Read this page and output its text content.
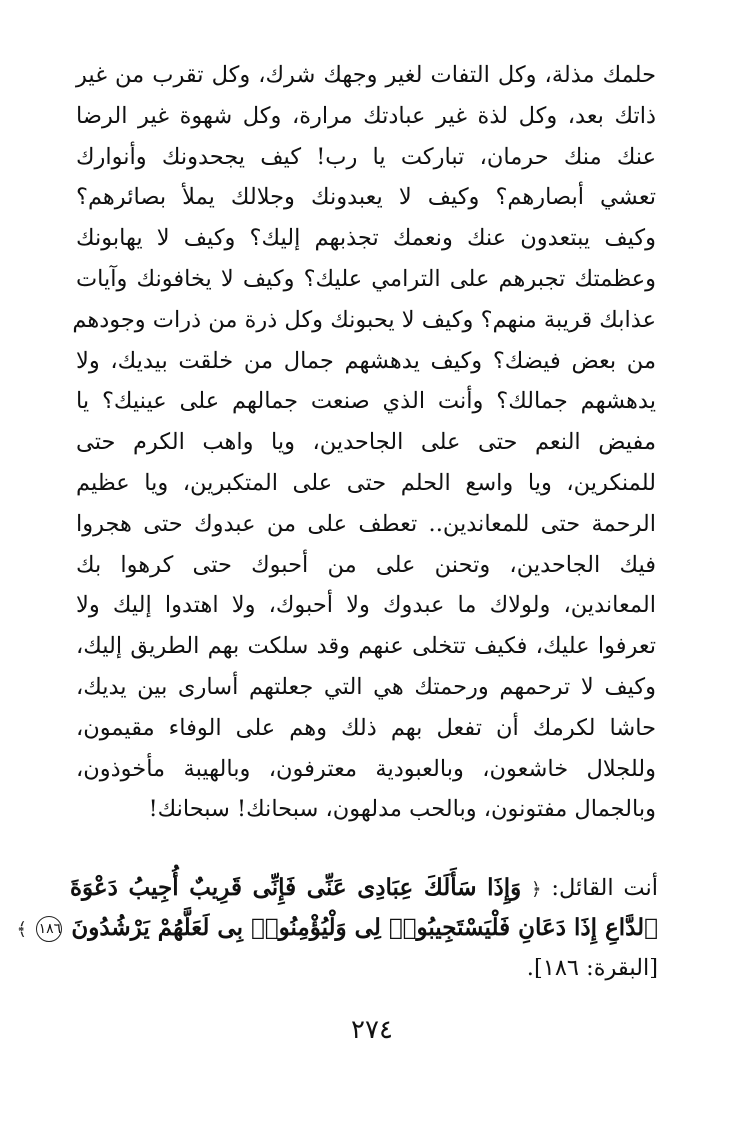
حلمك مذلة، وكل التفات لغير وجهك شرك، وكل تقرب من غير
ذاتك بعد، وكل لذة غير عبادتك مرارة، وكل شهوة غير الرضا
عنك منك حرمان، تباركت يا رب! كيف يجحدونك وأنوارك
تعشي أبصارهم؟ وكيف لا يعبدونك وجلالك يملأ بصائرهم؟
وكيف يبتعدون عنك ونعمك تجذبهم إليك؟ وكيف لا يهابونك
وعظمتك تجبرهم على الترامي عليك؟ وكيف لا يخافونك وآيات
عذابك قريبة منهم؟ وكيف لا يحبونك وكل ذرة من ذرات وجودهم
من بعض فيضك؟ وكيف يدهشهم جمال من خلقت بيديك، ولا
يدهشهم جمالك؟ وأنت الذي صنعت جمالهم على عينيك؟ يا
مفيض النعم حتى على الجاحدين، ويا واهب الكرم حتى
للمنكرين، ويا واسع الحلم حتى على المتكبرين، ويا عظيم
الرحمة حتى للمعاندين.. تعطف على من عبدوك حتى هجروا
فيك الجاحدين، وتحنن على من أحبوك حتى كرهوا بك
المعاندين، ولولاك ما عبدوك ولا أحبوك، ولا اهتدوا إليك ولا
تعرفوا عليك، فكيف تتخلى عنهم وقد سلكت بهم الطريق إليك،
وكيف لا ترحمهم ورحمتك هي التي جعلتهم أسارى بين يديك،
حاشا لكرمك أن تفعل بهم ذلك وهم على الوفاء مقيمون،
وللجلال خاشعون، وبالعبودية معترفون، وبالهيبة مأخوذون،
وبالجمال مفتونون، وبالحب مدلهون، سبحانك! سبحانك!
أنت القائل: ﴿ وَإِذَا سَأَلَكَ عِبَادِى عَنِّى فَإِنِّى قَرِيبٌ أُجِيبُ دَعْوَةَ
ٱلدَّاعِ إِذَا دَعَانِ فَلْيَسْتَجِيبُوا۟ لِى وَلْيُؤْمِنُوا۟ بِى لَعَلَّهُمْ يَرْشُدُونَ ١٨٦ ﴾
[البقرة: ١٨٦].
٢٧٤
